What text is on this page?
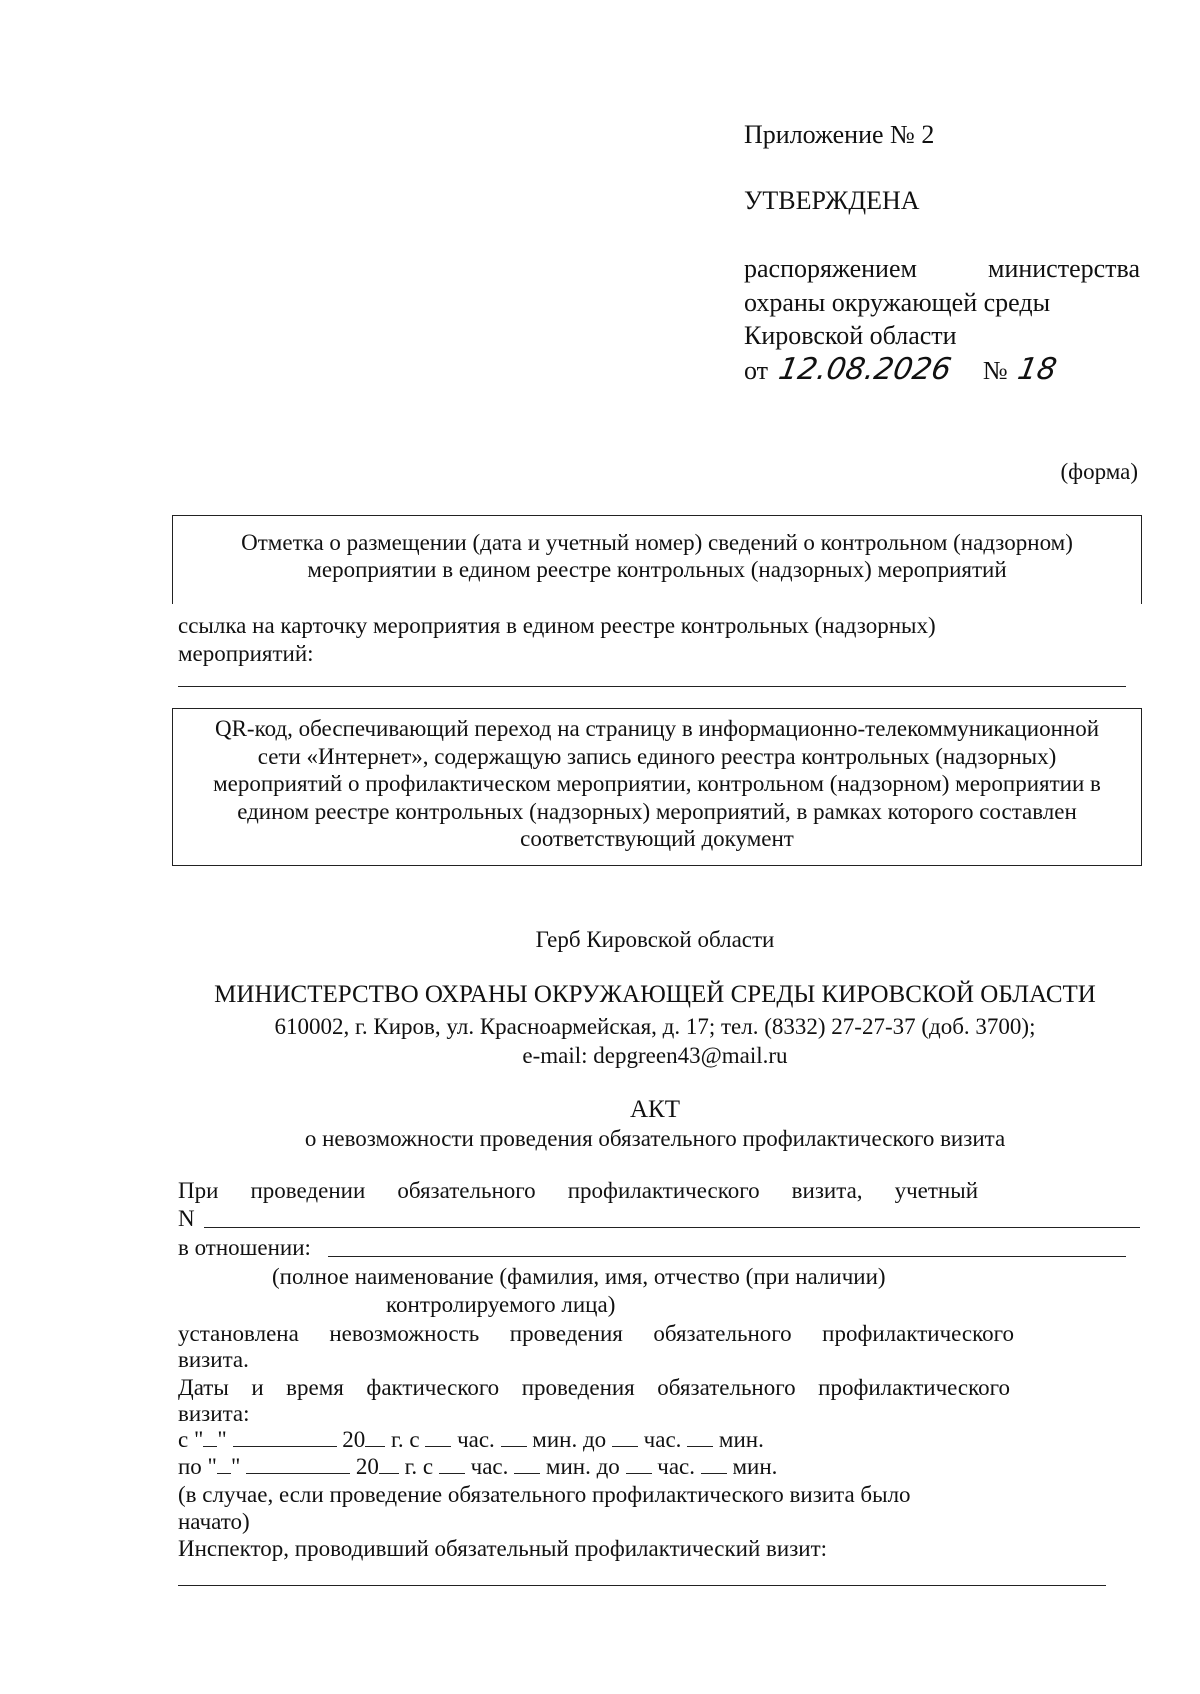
Приложение № 2
УТВЕРЖДЕНА
распоряжением	министерства
охраны окружающей среды
Кировской области
от 12.08.2026 № 18
(форма)
Отметка о размещении (дата и учетный номер) сведений о контрольном (надзорном)
мероприятии в едином реестре контрольных (надзорных) мероприятий
ссылка на карточку мероприятия в едином реестре контрольных (надзорных)
мероприятий:
QR-код, обеспечивающий переход на страницу в информационно-телекоммуникационной
сети «Интернет», содержащую запись единого реестра контрольных (надзорных)
мероприятий о профилактическом мероприятии, контрольном (надзорном) мероприятии в
едином реестре контрольных (надзорных) мероприятий, в рамках которого составлен
соответствующий документ
Герб Кировской области
МИНИСТЕРСТВО ОХРАНЫ ОКРУЖАЮЩЕЙ СРЕДЫ КИРОВСКОЙ ОБЛАСТИ
610002, г. Киров, ул. Красноармейская, д. 17; тел. (8332) 27-27-37 (доб. 3700);
e-mail: depgreen43@mail.ru
АКТ
о невозможности проведения обязательного профилактического визита
При проведении обязательного профилактического визита, учетный
N
в отношении:
(полное наименование (фамилия, имя, отчество (при наличии)
контролируемого лица)
установлена невозможность проведения обязательного профилактического
визита.
Даты и время фактического проведения обязательного профилактического
визита:
с " "	20 г. с час. мин. до час. мин.
по " "	20 г. с час. мин. до час. мин.
(в случае, если проведение обязательного профилактического визита было
начато)
Инспектор, проводивший обязательный профилактический визит:
